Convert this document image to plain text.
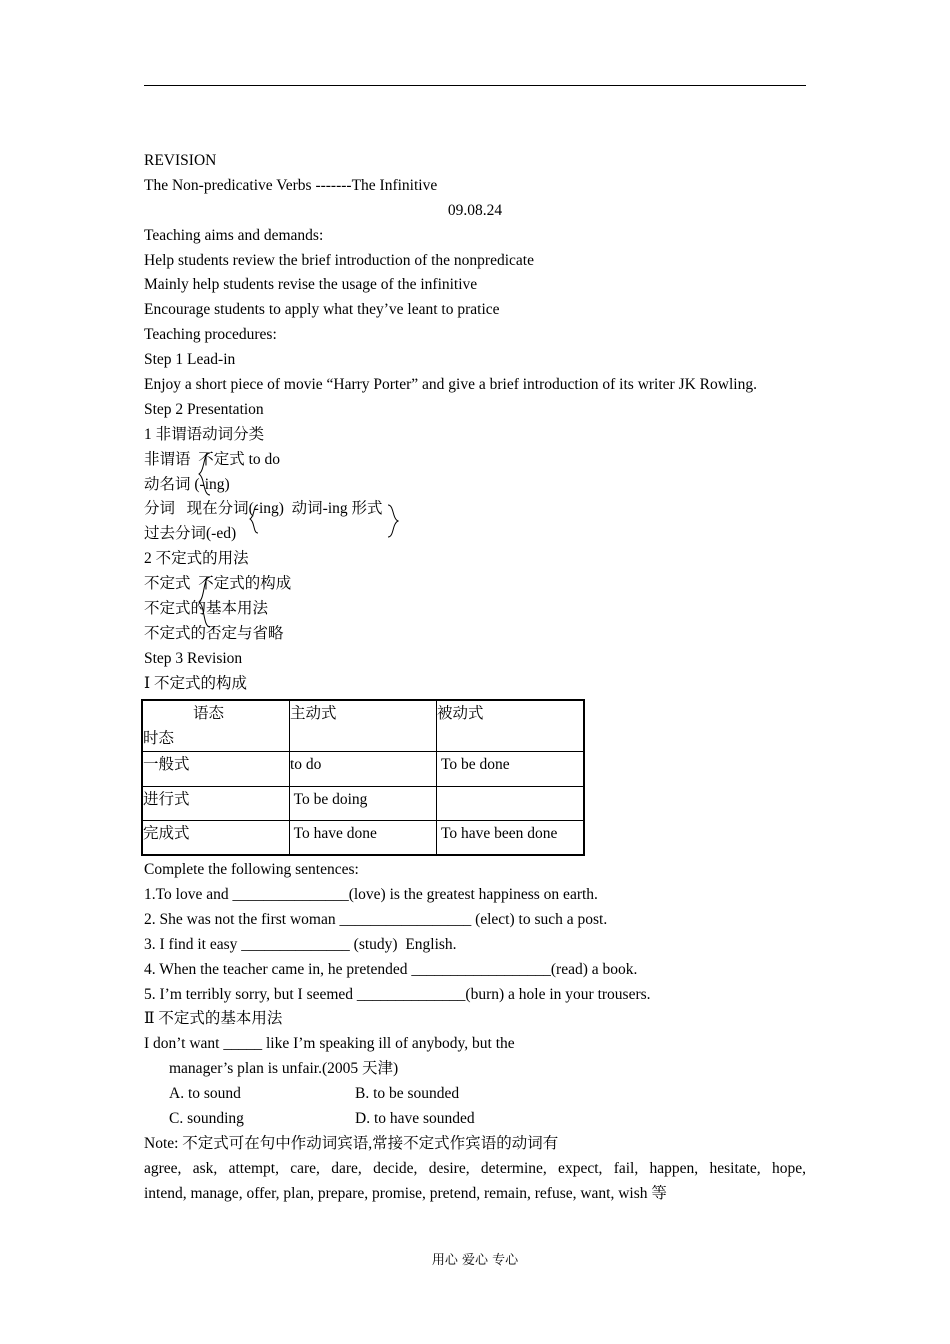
REVISION
The Non-predicative Verbs -------The Infinitive
09.08.24
Teaching aims and demands:
Help students review the brief introduction of the nonpredicate
Mainly help students revise the usage of the infinitive
Encourage students to apply what they’ve leant to pratice
Teaching procedures:
Step 1 Lead-in
Enjoy a short piece of movie “Harry Porter” and give a brief introduction of its writer JK Rowling.
Step 2 Presentation
1 非谓语动词分类
非谓语  不定式 to do
动名词 (-ing)
分词   现在分词(-ing)  动词-ing 形式
过去分词(-ed)
2 不定式的用法
不定式  不定式的构成
不定式的基本用法
不定式的否定与省略
Step 3 Revision
Ⅰ 不定式的构成
语态
时态	主动式	被动式
一般式	to do	To be done
进行式	To be doing	
完成式	To have done	To have been done
Complete the following sentences:
1.To love and _______________(love) is the greatest happiness on earth.
2. She was not the first woman _________________ (elect) to such a post.
3. I find it easy ______________ (study)  English.
4. When the teacher came in, he pretended __________________(read) a book.
5. I’m terribly sorry, but I seemed ______________(burn) a hole in your trousers.
Ⅱ 不定式的基本用法
I don’t want _____ like I’m speaking ill of anybody, but the
manager’s plan is unfair.(2005 天津)
A. to sound	B. to be sounded
C. sounding	D. to have sounded
Note: 不定式可在句中作动词宾语,常接不定式作宾语的动词有
agree, ask, attempt, care, dare, decide, desire, determine, expect, fail, happen, hesitate, hope,
intend, manage, offer, plan, prepare, promise, pretend, remain, refuse, want, wish 等
用心 爱心 专心
